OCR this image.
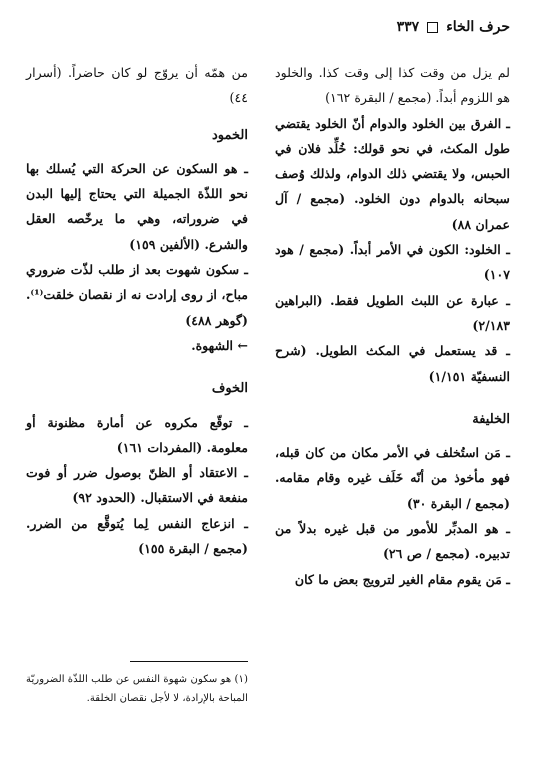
حرف الخاء
٣٣٧

لم يزل من وقت كذا إلى وقت كذا. والخلود هو اللزوم أبداً. (مجمع / البقرة ١٦٢)

ـ الفرق بين الخلود والدوام أنّ الخلود يقتضي طول المكث، في نحو قولك: خُلِّد فلان في الحبس، ولا يقتضي ذلك الدوام، ولذلك وُصف سبحانه بالدوام دون الخلود. (مجمع / آل عمران ٨٨)

ـ الخلود: الكون في الأمر أبداً. (مجمع / هود ١٠٧)

ـ عبارة عن اللبث الطويل فقط. (البراهين ٢/١٨٣)

ـ قد يستعمل في المكث الطويل. (شرح النسفيّة ١/١٥١)

الخليفة

ـ مَن استُخلف في الأمر مكان من كان قبله، فهو مأخوذ من أنّه خَلَف غيره وقام مقامه. (مجمع / البقرة ٣٠)

ـ هو المدبِّر للأمور من قبل غيره بدلاً من تدبيره. (مجمع / ص ٢٦)

ـ مَن يقوم مقام الغير لترويج بعض ما كان

من همّه أن يروّج لو كان حاضراً. (أسرار ٤٤)

الخمود

ـ هو السكون عن الحركة التي يُسلك بها نحو اللذّة الجميلة التي يحتاج إليها البدن في ضروراته، وهي ما يرخّصه العقل والشرع. (الألفين ١٥٩)

ـ سكون شهوت بعد از طلب لذّت ضروري مباح، از روى إرادت نه از نقصان خلقت⁽¹⁾. (گوهر ٤٨٨)

← الشهوة.

الخوف

ـ توقّع مكروه عن أمارة مظنونة أو معلومة. (المفردات ١٦١)

ـ الاعتقاد أو الظنّ بوصول ضرر أو فوت منفعة في الاستقبال. (الحدود ٩٢)

ـ انزعاج النفس لِما يُتوقَّع من الضرر. (مجمع / البقرة ١٥٥)

(١) هو سكون شهوة النفس عن طلب اللذّة الضروريّة المباحة بالإرادة، لا لأجل نقصان الخلقة.
